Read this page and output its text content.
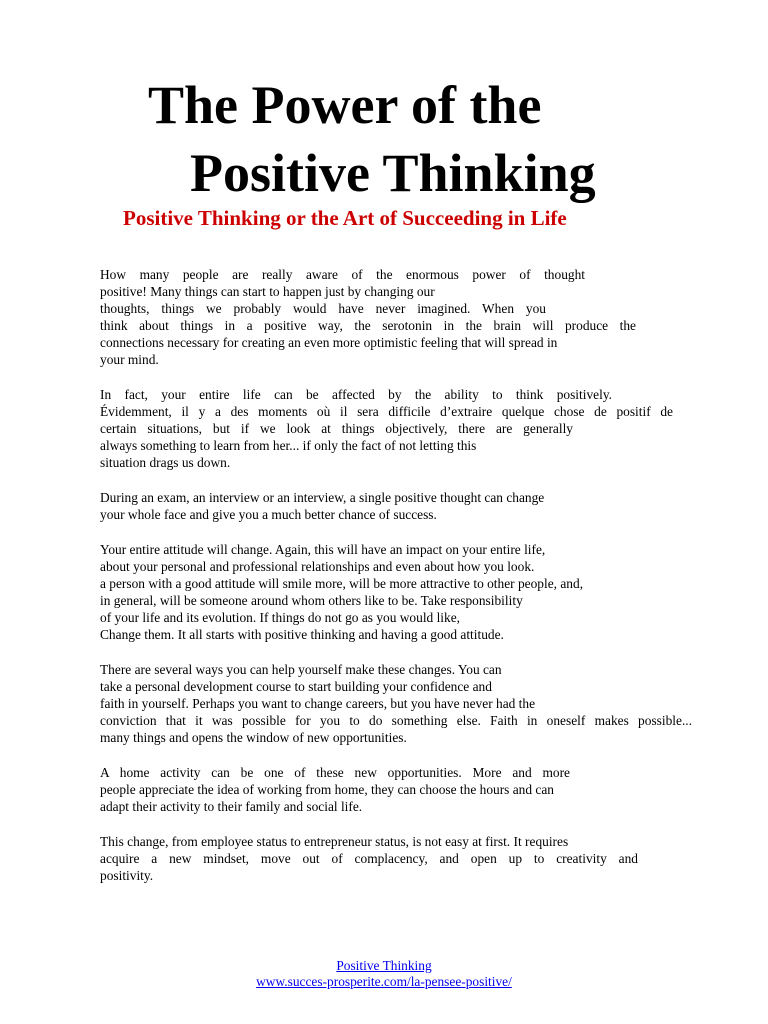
The Power of the
Positive Thinking
Positive Thinking or the Art of Succeeding in Life
How many people are really aware of the enormous power of thought
positive! Many things can start to happen just by changing our
thoughts, things we probably would have never imagined. When you
think about things in a positive way, the serotonin in the brain will produce the
connections necessary for creating an even more optimistic feeling that will spread in
your mind.
In fact, your entire life can be affected by the ability to think positively.
Évidemment, il y a des moments où il sera difficile d’extraire quelque chose de positif de
certain situations, but if we look at things objectively, there are generally
always something to learn from her... if only the fact of not letting this
situation drags us down.
During an exam, an interview or an interview, a single positive thought can change
your whole face and give you a much better chance of success.
Your entire attitude will change. Again, this will have an impact on your entire life,
about your personal and professional relationships and even about how you look.
a person with a good attitude will smile more, will be more attractive to other people, and,
in general, will be someone around whom others like to be. Take responsibility
of your life and its evolution. If things do not go as you would like,
Change them. It all starts with positive thinking and having a good attitude.
There are several ways you can help yourself make these changes. You can
take a personal development course to start building your confidence and
faith in yourself. Perhaps you want to change careers, but you have never had the
conviction that it was possible for you to do something else. Faith in oneself makes possible...
many things and opens the window of new opportunities.
A home activity can be one of these new opportunities. More and more
people appreciate the idea of working from home, they can choose the hours and can
adapt their activity to their family and social life.
This change, from employee status to entrepreneur status, is not easy at first. It requires
acquire a new mindset, move out of complacency, and open up to creativity and
positivity.
Positive Thinking
www.succes-prosperite.com/la-pensee-positive/
